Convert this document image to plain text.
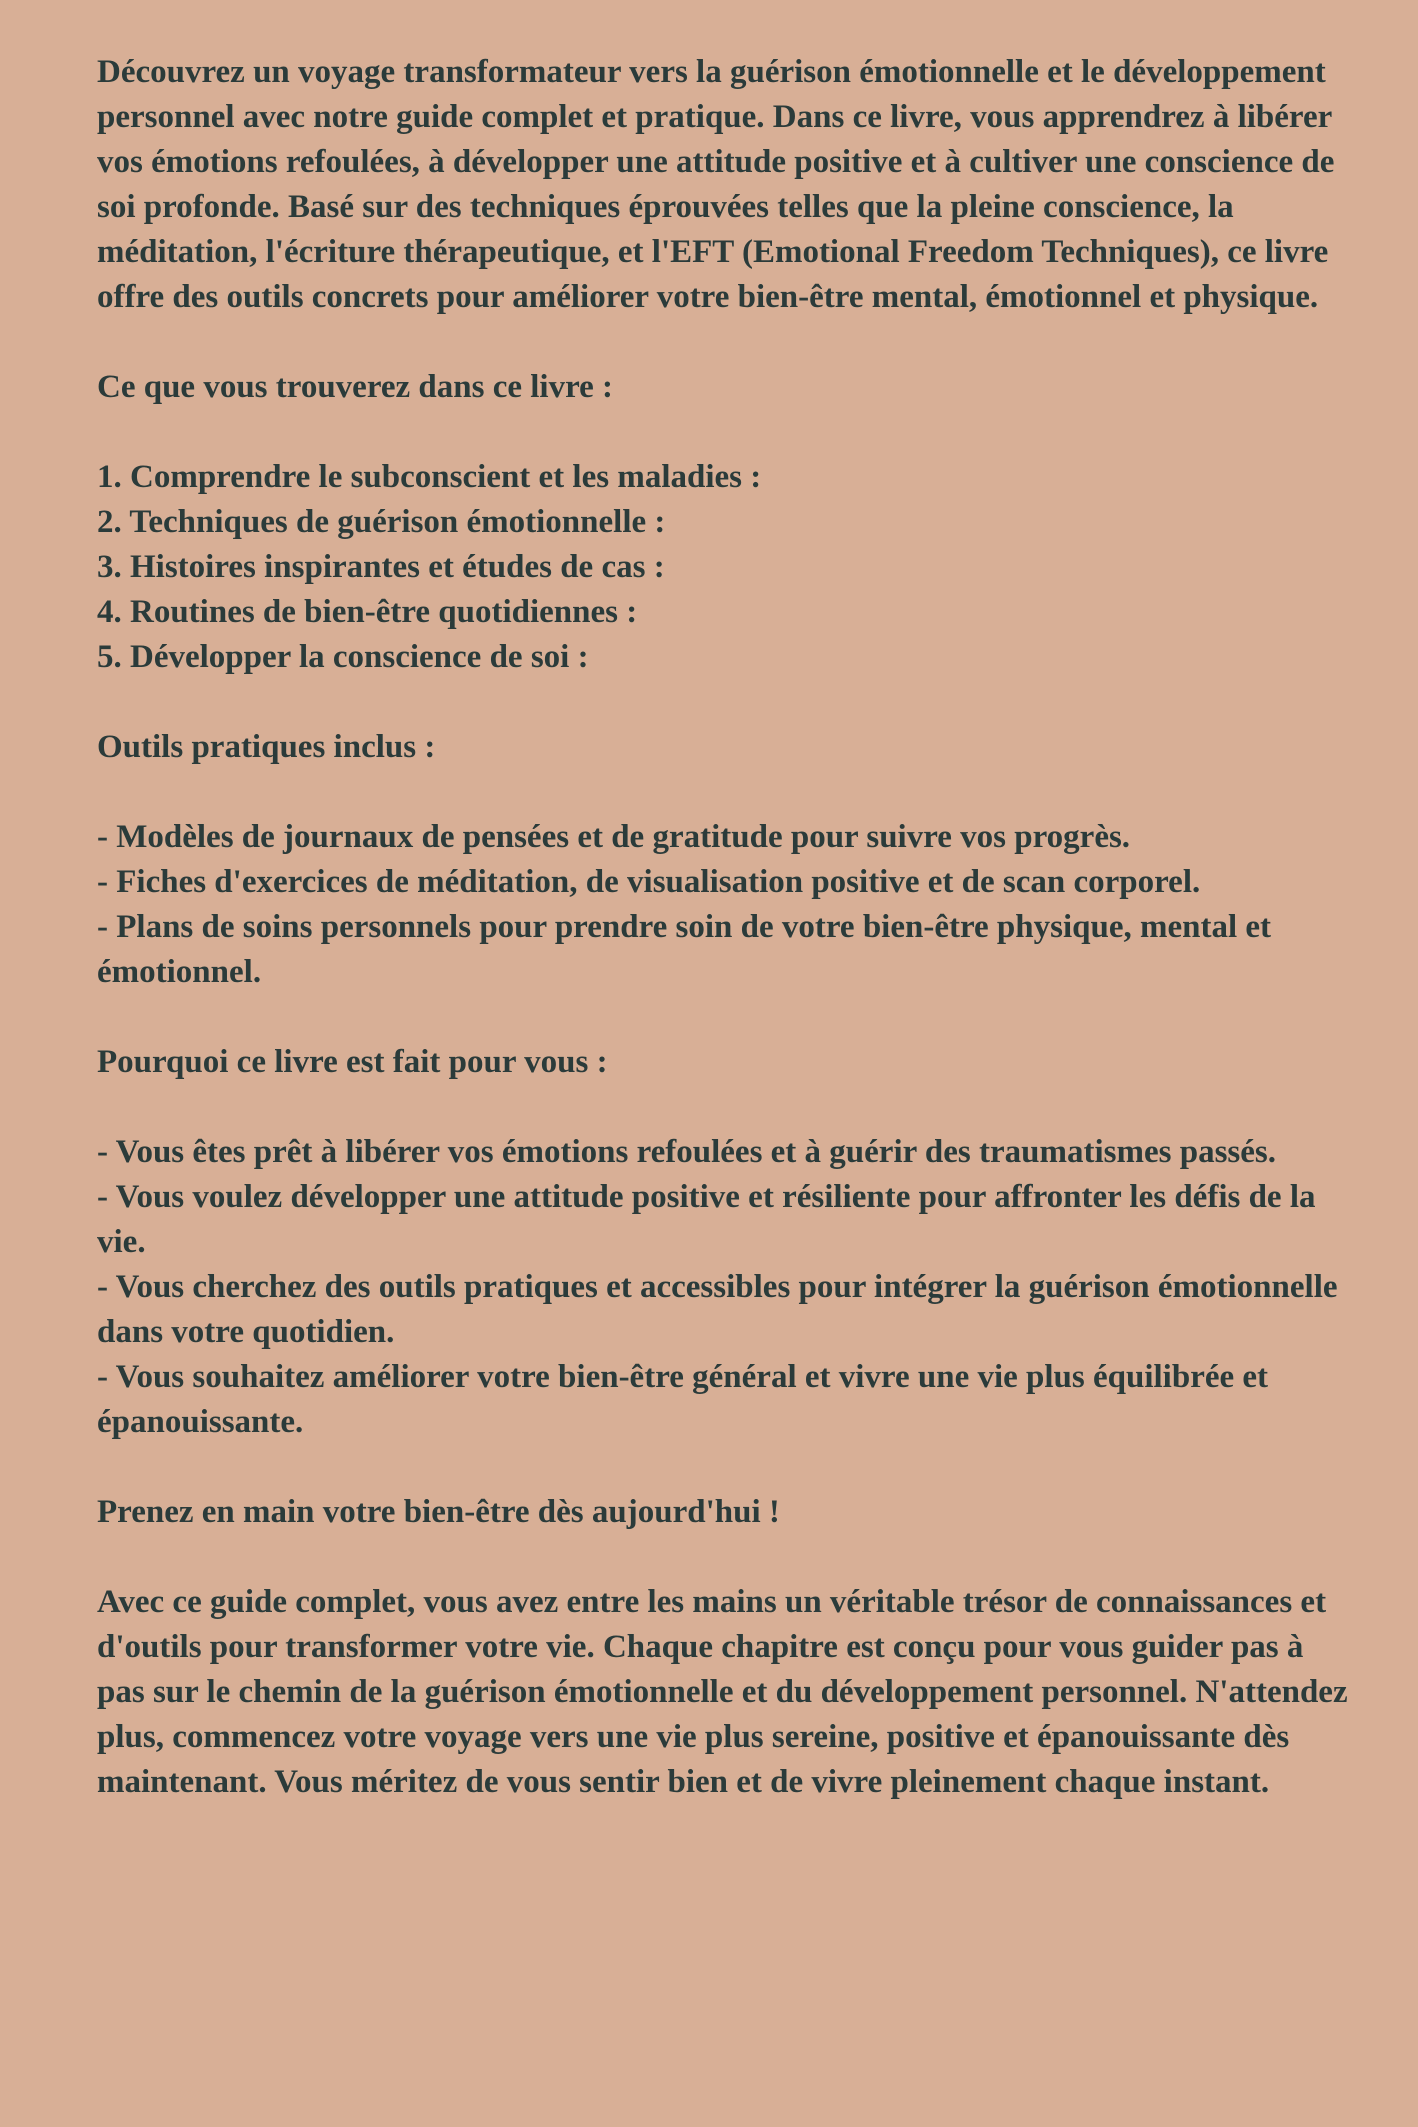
Découvrez un voyage transformateur vers la guérison émotionnelle et le développement personnel avec notre guide complet et pratique. Dans ce livre, vous apprendrez à libérer vos émotions refoulées, à développer une attitude positive et à cultiver une conscience de soi profonde. Basé sur des techniques éprouvées telles que la pleine conscience, la méditation, l'écriture thérapeutique, et l'EFT (Emotional Freedom Techniques), ce livre offre des outils concrets pour améliorer votre bien-être mental, émotionnel et physique.

Ce que vous trouverez dans ce livre :

1. Comprendre le subconscient et les maladies :
2. Techniques de guérison émotionnelle :
3. Histoires inspirantes et études de cas :
4. Routines de bien-être quotidiennes :
5. Développer la conscience de soi :

Outils pratiques inclus :

- Modèles de journaux de pensées et de gratitude pour suivre vos progrès.
- Fiches d'exercices de méditation, de visualisation positive et de scan corporel.
- Plans de soins personnels pour prendre soin de votre bien-être physique, mental et émotionnel.

Pourquoi ce livre est fait pour vous :

- Vous êtes prêt à libérer vos émotions refoulées et à guérir des traumatismes passés.
- Vous voulez développer une attitude positive et résiliente pour affronter les défis de la vie.
- Vous cherchez des outils pratiques et accessibles pour intégrer la guérison émotionnelle dans votre quotidien.
- Vous souhaitez améliorer votre bien-être général et vivre une vie plus équilibrée et épanouissante.

Prenez en main votre bien-être dès aujourd'hui !

Avec ce guide complet, vous avez entre les mains un véritable trésor de connaissances et d'outils pour transformer votre vie. Chaque chapitre est conçu pour vous guider pas à pas sur le chemin de la guérison émotionnelle et du développement personnel. N'attendez plus, commencez votre voyage vers une vie plus sereine, positive et épanouissante dès maintenant. Vous méritez de vous sentir bien et de vivre pleinement chaque instant.
